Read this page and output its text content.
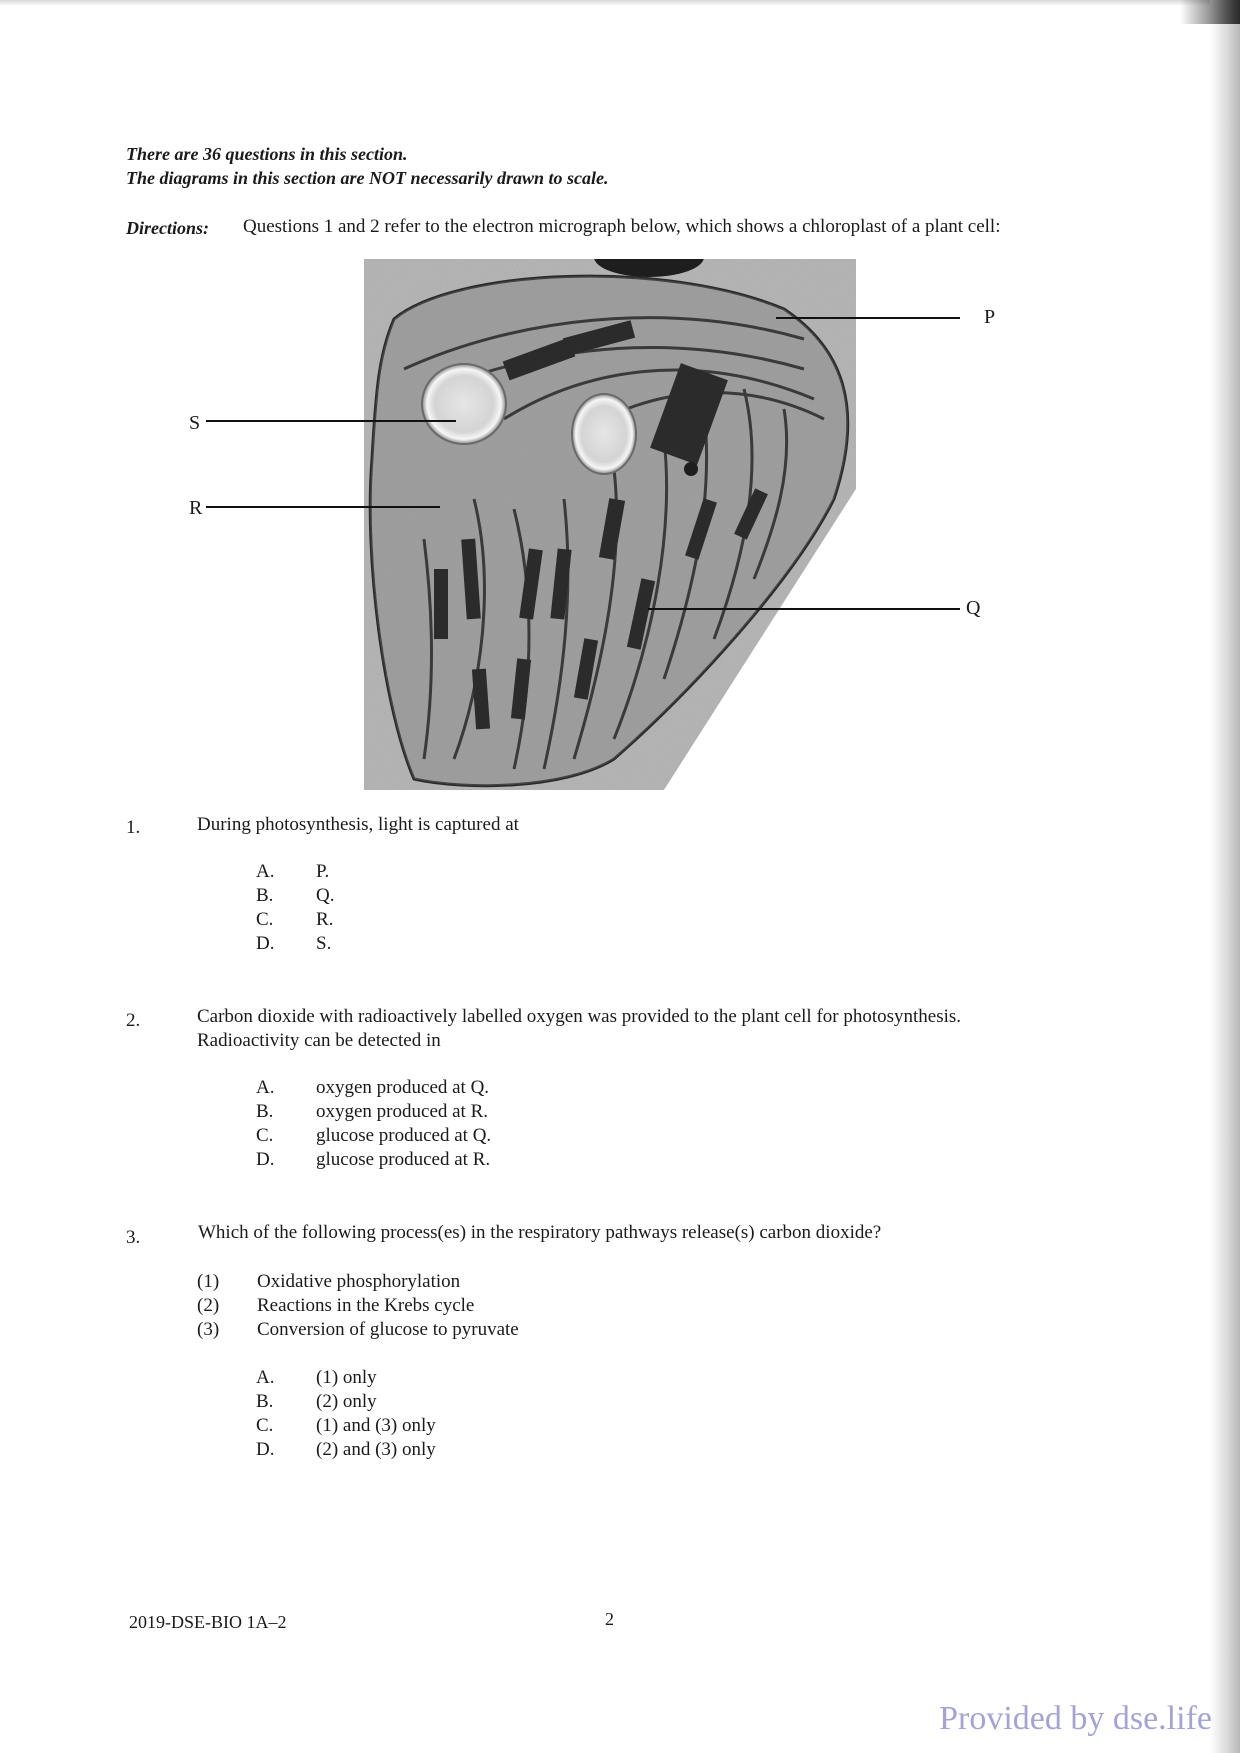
There are 36 questions in this section.
The diagrams in this section are NOT necessarily drawn to scale.
Directions: Questions 1 and 2 refer to the electron micrograph below, which shows a chloroplast of a plant cell:
P
S
R
Q
1.	During photosynthesis, light is captured at
A. P.
B. Q.
C. R.
D. S.
2.	Carbon dioxide with radioactively labelled oxygen was provided to the plant cell for photosynthesis.
Radioactivity can be detected in
A. oxygen produced at Q.
B. oxygen produced at R.
C. glucose produced at Q.
D. glucose produced at R.
3.	Which of the following process(es) in the respiratory pathways release(s) carbon dioxide?
(1) Oxidative phosphorylation
(2) Reactions in the Krebs cycle
(3) Conversion of glucose to pyruvate
A. (1) only
B. (2) only
C. (1) and (3) only
D. (2) and (3) only
2019-DSE-BIO 1A–2	2
Provided by dse.life
